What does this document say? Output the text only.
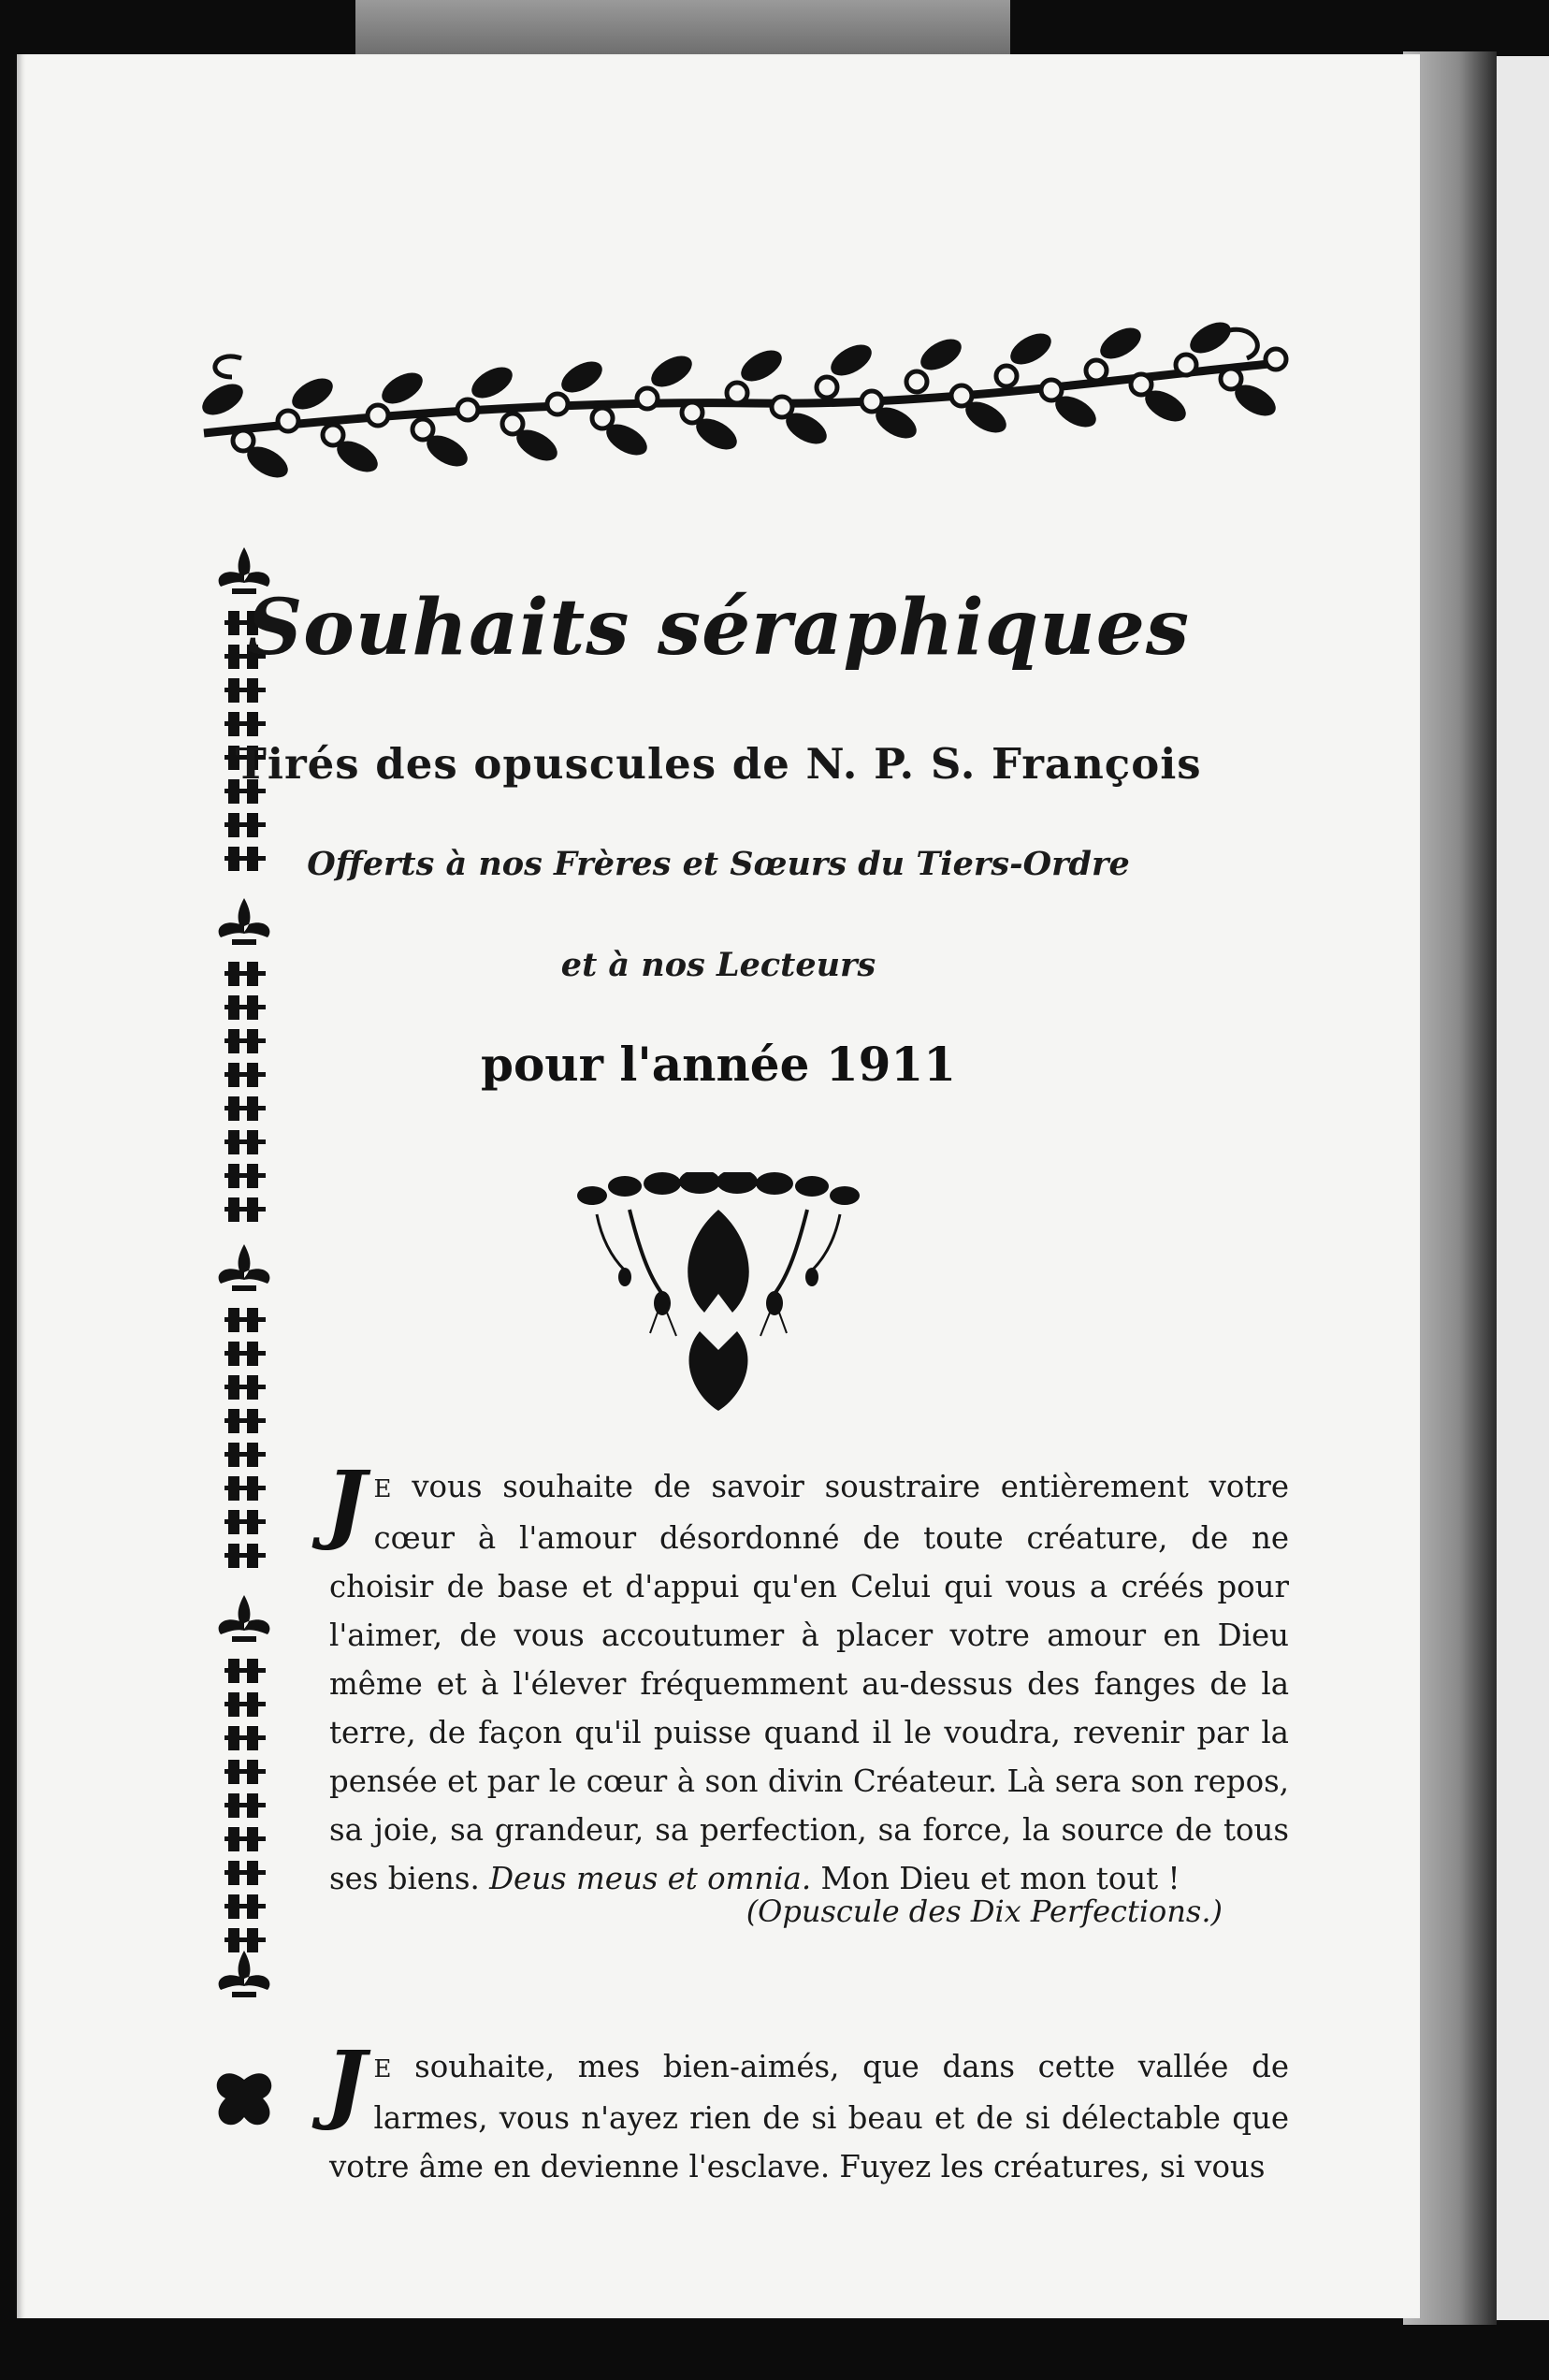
Souhaits séraphiques
Tirés des opuscules de N. P. S. François
Offerts à nos Frères et Sœurs du Tiers-Ordre
et à nos Lecteurs
pour l'année 1911
J E vous souhaite de savoir soustraire entièrement votre cœur à l'amour désordonné de toute créature, de ne choisir de base et d'appui qu'en Celui qui vous a créés pour l'aimer, de vous accoutumer à placer votre amour en Dieu même et à l'élever fréquemment au-dessus des fanges de la terre, de façon qu'il puisse quand il le voudra, revenir par la pensée et par le cœur à son divin Créateur. Là sera son repos, sa joie, sa grandeur, sa perfection, sa force, la source de tous ses biens. Deus meus et omnia. Mon Dieu et mon tout !
(Opuscule des Dix Perfections.)
J E souhaite, mes bien-aimés, que dans cette vallée de larmes, vous n'ayez rien de si beau et de si délectable que votre âme en devienne l'esclave. Fuyez les créatures, si vous
